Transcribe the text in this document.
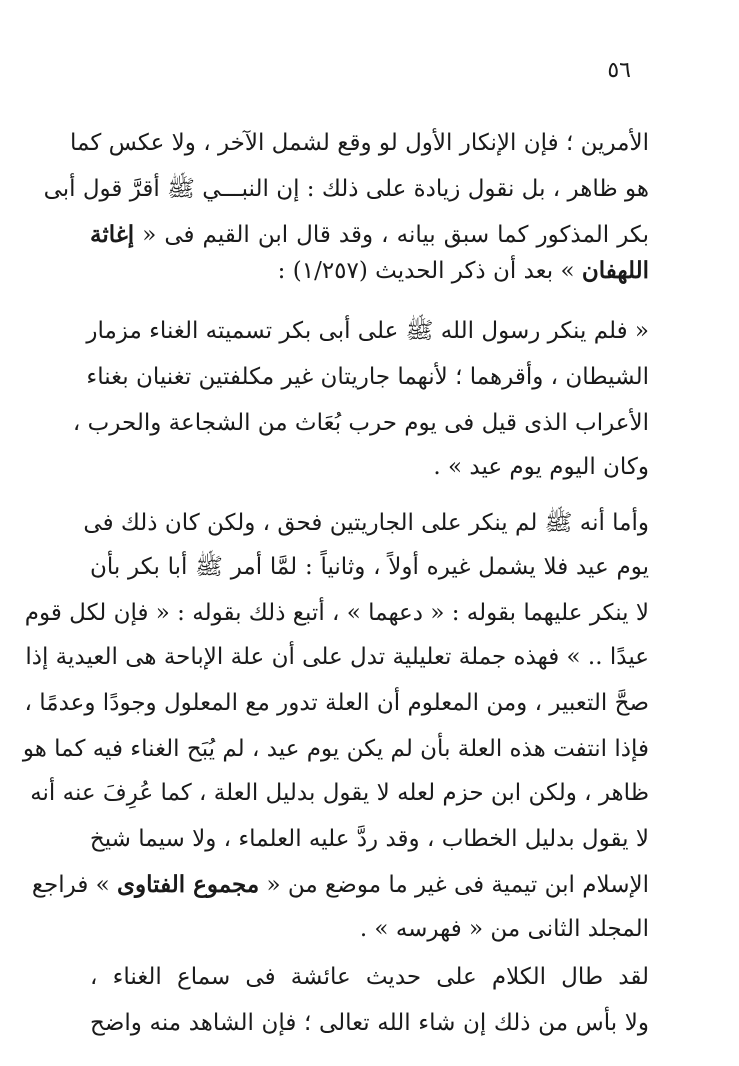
٥٦
الأمرين ؛ فإن الإنكار الأول لو وقع لشمل الآخر ، ولا عكس كما
هو ظاهر ، بل نقول زيادة على ذلك : إن النبـــي ﷺ أقرَّ قول أبى
بكر المذكور كما سبق بيانه ، وقد قال ابن القيم فى « إغاثة
اللهفان » بعد أن ذكر الحديث (١/٢٥٧) :
« فلم ينكر رسول الله ﷺ على أبى بكر تسميته الغناء مزمار
الشيطان ، وأقرهما ؛ لأنهما جاريتان غير مكلفتين تغنيان بغناء
الأعراب الذى قيل فى يوم حرب بُعَاث من الشجاعة والحرب ،
وكان اليوم يوم عيد » .
وأما أنه ﷺ لم ينكر على الجاريتين فحق ، ولكن كان ذلك فى
يوم عيد فلا يشمل غيره أولاً ، وثانياً : لمَّا أمر ﷺ أبا بكر بأن
لا ينكر عليهما بقوله : « دعهما » ، أتبع ذلك بقوله : « فإن لكل قوم
عيدًا .. » فهذه جملة تعليلية تدل على أن علة الإباحة هى العيدية إذا
صحَّ التعبير ، ومن المعلوم أن العلة تدور مع المعلول وجودًا وعدمًا ،
فإذا انتفت هذه العلة بأن لم يكن يوم عيد ، لم يُبَح الغناء فيه كما هو
ظاهر ، ولكن ابن حزم لعله لا يقول بدليل العلة ، كما عُرِفَ عنه أنه
لا يقول بدليل الخطاب ، وقد ردَّ عليه العلماء ، ولا سيما شيخ
الإسلام ابن تيمية فى غير ما موضع من « مجموع الفتاوى » فراجع
المجلد الثانى من « فهرسه » .
لقد طال الكلام على حديث عائشة فى سماع الغناء ،
ولا بأس من ذلك إن شاء الله تعالى ؛ فإن الشاهد منه واضح
